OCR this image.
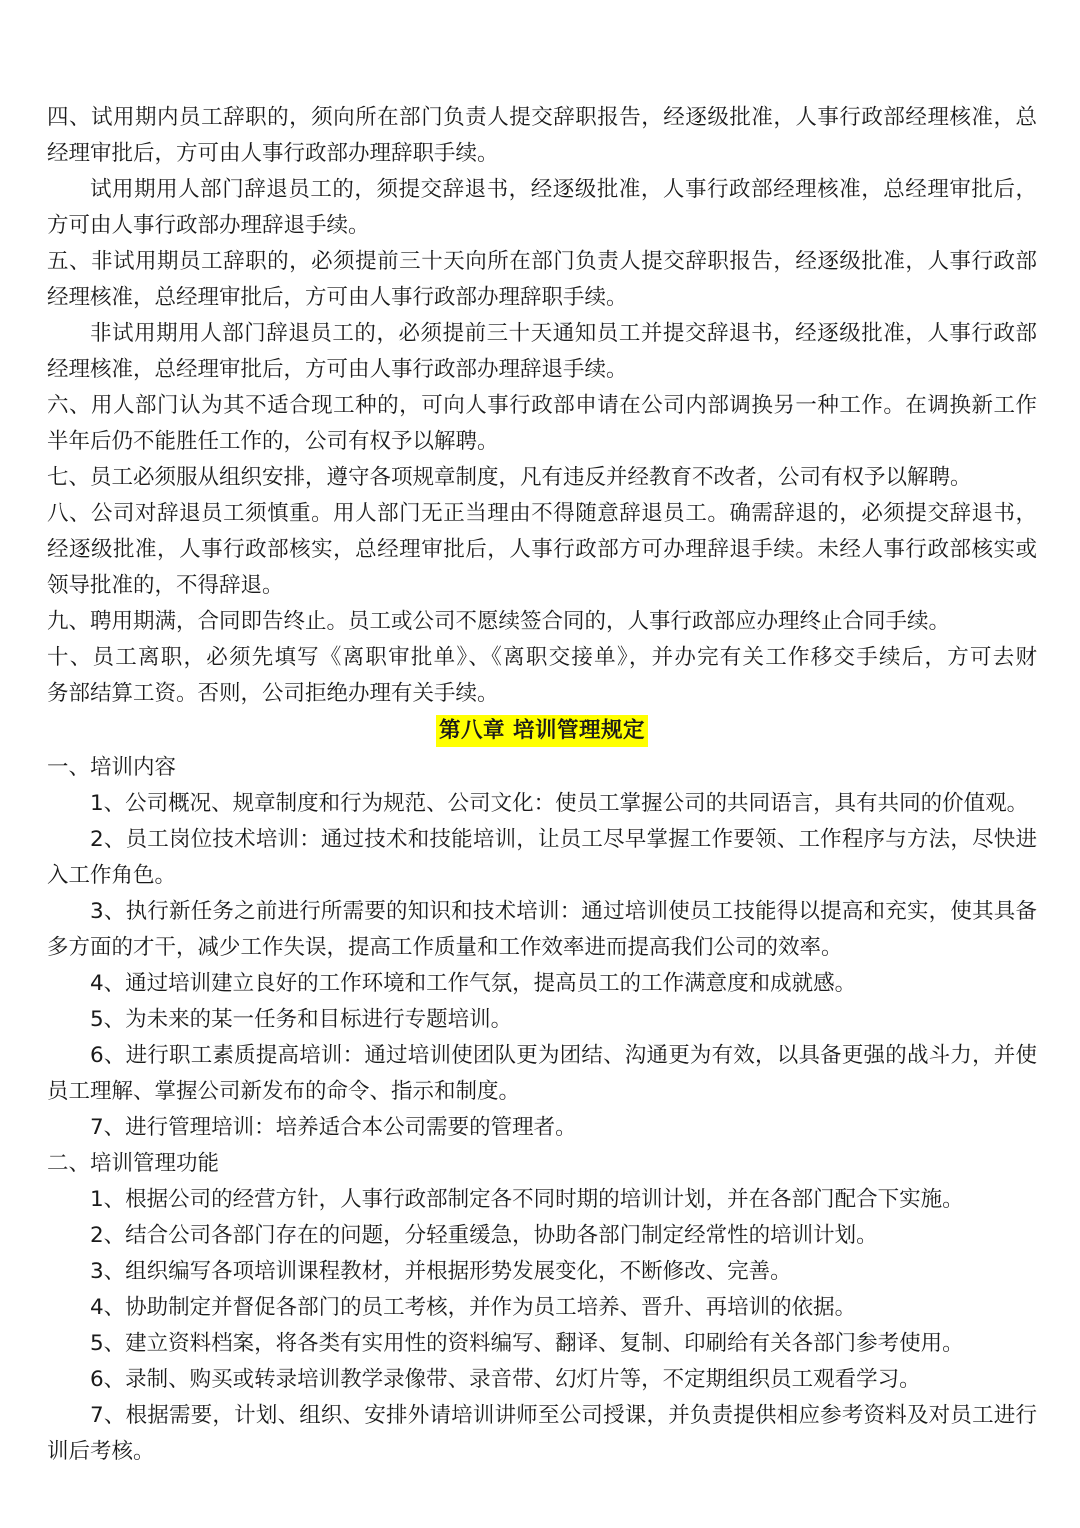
四、试用期内员工辞职的，须向所在部门负责人提交辞职报告，经逐级批准，人事行政部经理核准，总
经理审批后，方可由人事行政部办理辞职手续。
试用期用人部门辞退员工的，须提交辞退书，经逐级批准，人事行政部经理核准，总经理审批后，
方可由人事行政部办理辞退手续。
五、非试用期员工辞职的，必须提前三十天向所在部门负责人提交辞职报告，经逐级批准，人事行政部
经理核准，总经理审批后，方可由人事行政部办理辞职手续。
非试用期用人部门辞退员工的，必须提前三十天通知员工并提交辞退书，经逐级批准，人事行政部
经理核准，总经理审批后，方可由人事行政部办理辞退手续。
六、用人部门认为其不适合现工种的，可向人事行政部申请在公司内部调换另一种工作。在调换新工作
半年后仍不能胜任工作的，公司有权予以解聘。
七、员工必须服从组织安排，遵守各项规章制度，凡有违反并经教育不改者，公司有权予以解聘。
八、公司对辞退员工须慎重。用人部门无正当理由不得随意辞退员工。确需辞退的，必须提交辞退书，
经逐级批准，人事行政部核实，总经理审批后，人事行政部方可办理辞退手续。未经人事行政部核实或
领导批准的，不得辞退。
九、聘用期满，合同即告终止。员工或公司不愿续签合同的，人事行政部应办理终止合同手续。
十、员工离职，必须先填写《离职审批单》、《离职交接单》，并办完有关工作移交手续后，方可去财
务部结算工资。否则，公司拒绝办理有关手续。
第八章 培训管理规定
一、培训内容
1、公司概况、规章制度和行为规范、公司文化：使员工掌握公司的共同语言，具有共同的价值观。
2、员工岗位技术培训：通过技术和技能培训，让员工尽早掌握工作要领、工作程序与方法，尽快进
入工作角色。
3、执行新任务之前进行所需要的知识和技术培训：通过培训使员工技能得以提高和充实，使其具备
多方面的才干，减少工作失误，提高工作质量和工作效率进而提高我们公司的效率。
4、通过培训建立良好的工作环境和工作气氛，提高员工的工作满意度和成就感。
5、为未来的某一任务和目标进行专题培训。
6、进行职工素质提高培训：通过培训使团队更为团结、沟通更为有效，以具备更强的战斗力，并使
员工理解、掌握公司新发布的命令、指示和制度。
7、进行管理培训：培养适合本公司需要的管理者。
二、培训管理功能
1、根据公司的经营方针，人事行政部制定各不同时期的培训计划，并在各部门配合下实施。
2、结合公司各部门存在的问题，分轻重缓急，协助各部门制定经常性的培训计划。
3、组织编写各项培训课程教材，并根据形势发展变化，不断修改、完善。
4、协助制定并督促各部门的员工考核，并作为员工培养、晋升、再培训的依据。
5、建立资料档案，将各类有实用性的资料编写、翻译、复制、印刷给有关各部门参考使用。
6、录制、购买或转录培训教学录像带、录音带、幻灯片等，不定期组织员工观看学习。
7、根据需要，计划、组织、安排外请培训讲师至公司授课，并负责提供相应参考资料及对员工进行
训后考核。
